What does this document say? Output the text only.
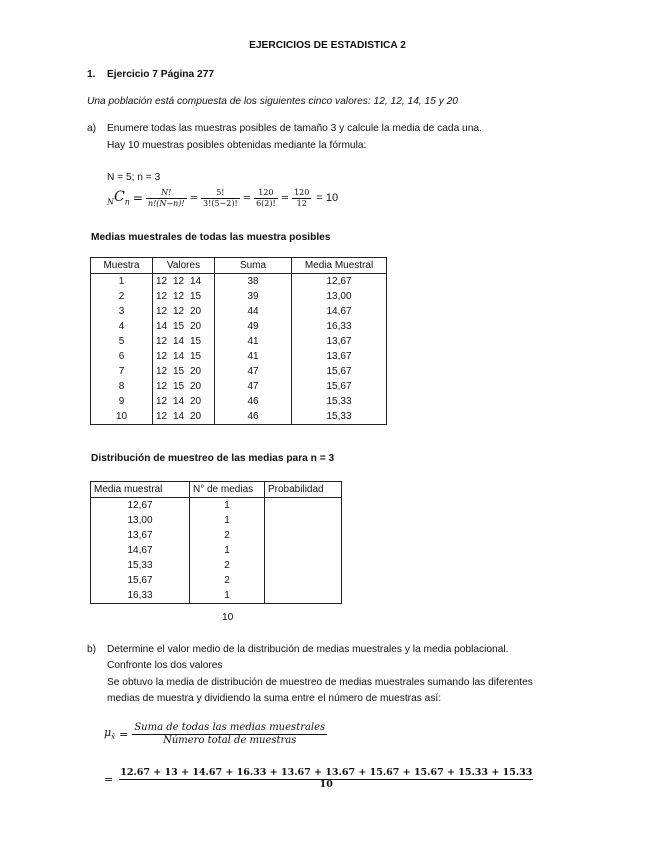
EJERCICIOS DE ESTADISTICA 2
1. Ejercicio 7 Página 277
Una población está compuesta de los siguientes cinco valores: 12, 12, 14, 15 y 20
a) Enumere todas las muestras posibles de tamaño 3 y calcule la media de cada una.
Hay 10 muestras posibles obtenidas mediante la fórmula:
N = 5; n = 3
$_NC_n = \frac{N!}{n!(N-n)!} = \frac{5!}{3!(5-2)!} = \frac{120}{6(2)!} = \frac{120}{12} = 10$
Medias muestrales de todas las muestra posibles
Muestra	Valores	Suma	Media Muestral
1	12 12 14	38	12,67
2	12 12 15	39	13,00
3	12 12 20	44	14,67
4	14 15 20	49	16,33
5	12 14 15	41	13,67
6	12 14 15	41	13,67
7	12 15 20	47	15,67
8	12 15 20	47	15,67
9	12 14 20	46	15,33
10	12 14 20	46	15,33
Distribución de muestreo de las medias para n = 3
Media muestral	N° de medias	Probabilidad
12,67	1	
13,00	1	
13,67	2	
14,67	1	
15,33	2	
15,67	2	
16,33	1	
10
b) Determine el valor medio de la distribución de medias muestrales y la media poblacional.
Confronte los dos valores
Se obtuvo la media de distribución de muestreo de medias muestrales sumando las diferentes
medias de muestra y dividiendo la suma entre el número de muestras así:
$\mu_{x̄} = \frac{\text{Suma de todas las medias muestrales}}{\text{Número total de muestras}}$
=
12.67 + 13 + 14.67 + 16.33 + 13.67 + 13.67 + 15.67 + 15.67 + 15.33 + 15.33
10
